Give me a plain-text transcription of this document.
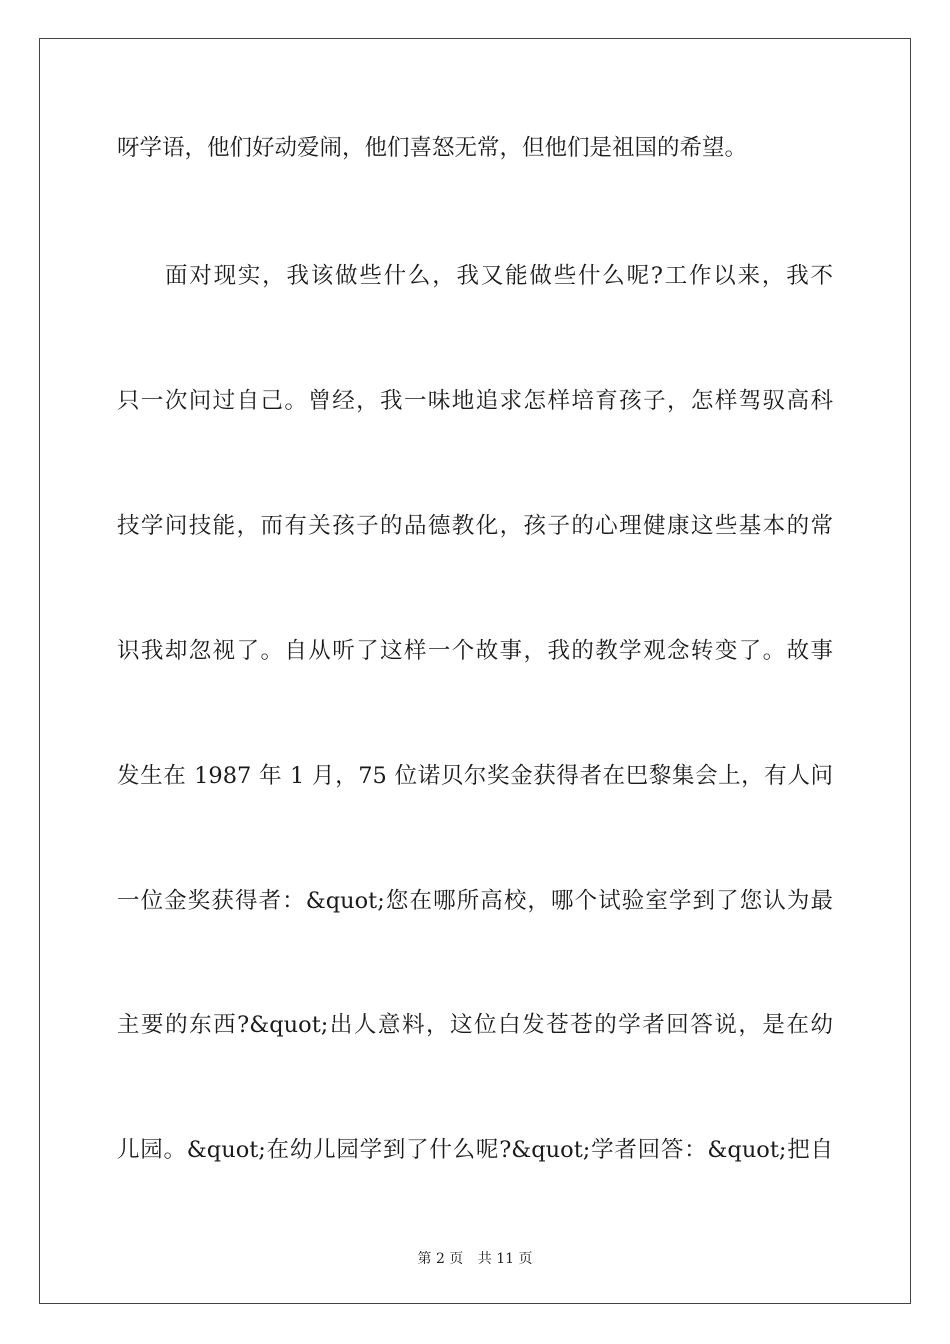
呀学语，他们好动爱闹，他们喜怒无常，但他们是祖国的希望。
面对现实，我该做些什么，我又能做些什么呢?工作以来，我不
只一次问过自己。曾经，我一味地追求怎样培育孩子，怎样驾驭高科
技学问技能，而有关孩子的品德教化，孩子的心理健康这些基本的常
识我却忽视了。自从听了这样一个故事，我的教学观念转变了。故事
发生在 1987 年 1 月，75 位诺贝尔奖金获得者在巴黎集会上，有人问
一位金奖获得者：&quot;您在哪所高校，哪个试验室学到了您认为最
主要的东西?&quot;出人意料，这位白发苍苍的学者回答说，是在幼
儿园。&quot;在幼儿园学到了什么呢?&quot;学者回答：&quot;把自
第 2 页 共 11 页
